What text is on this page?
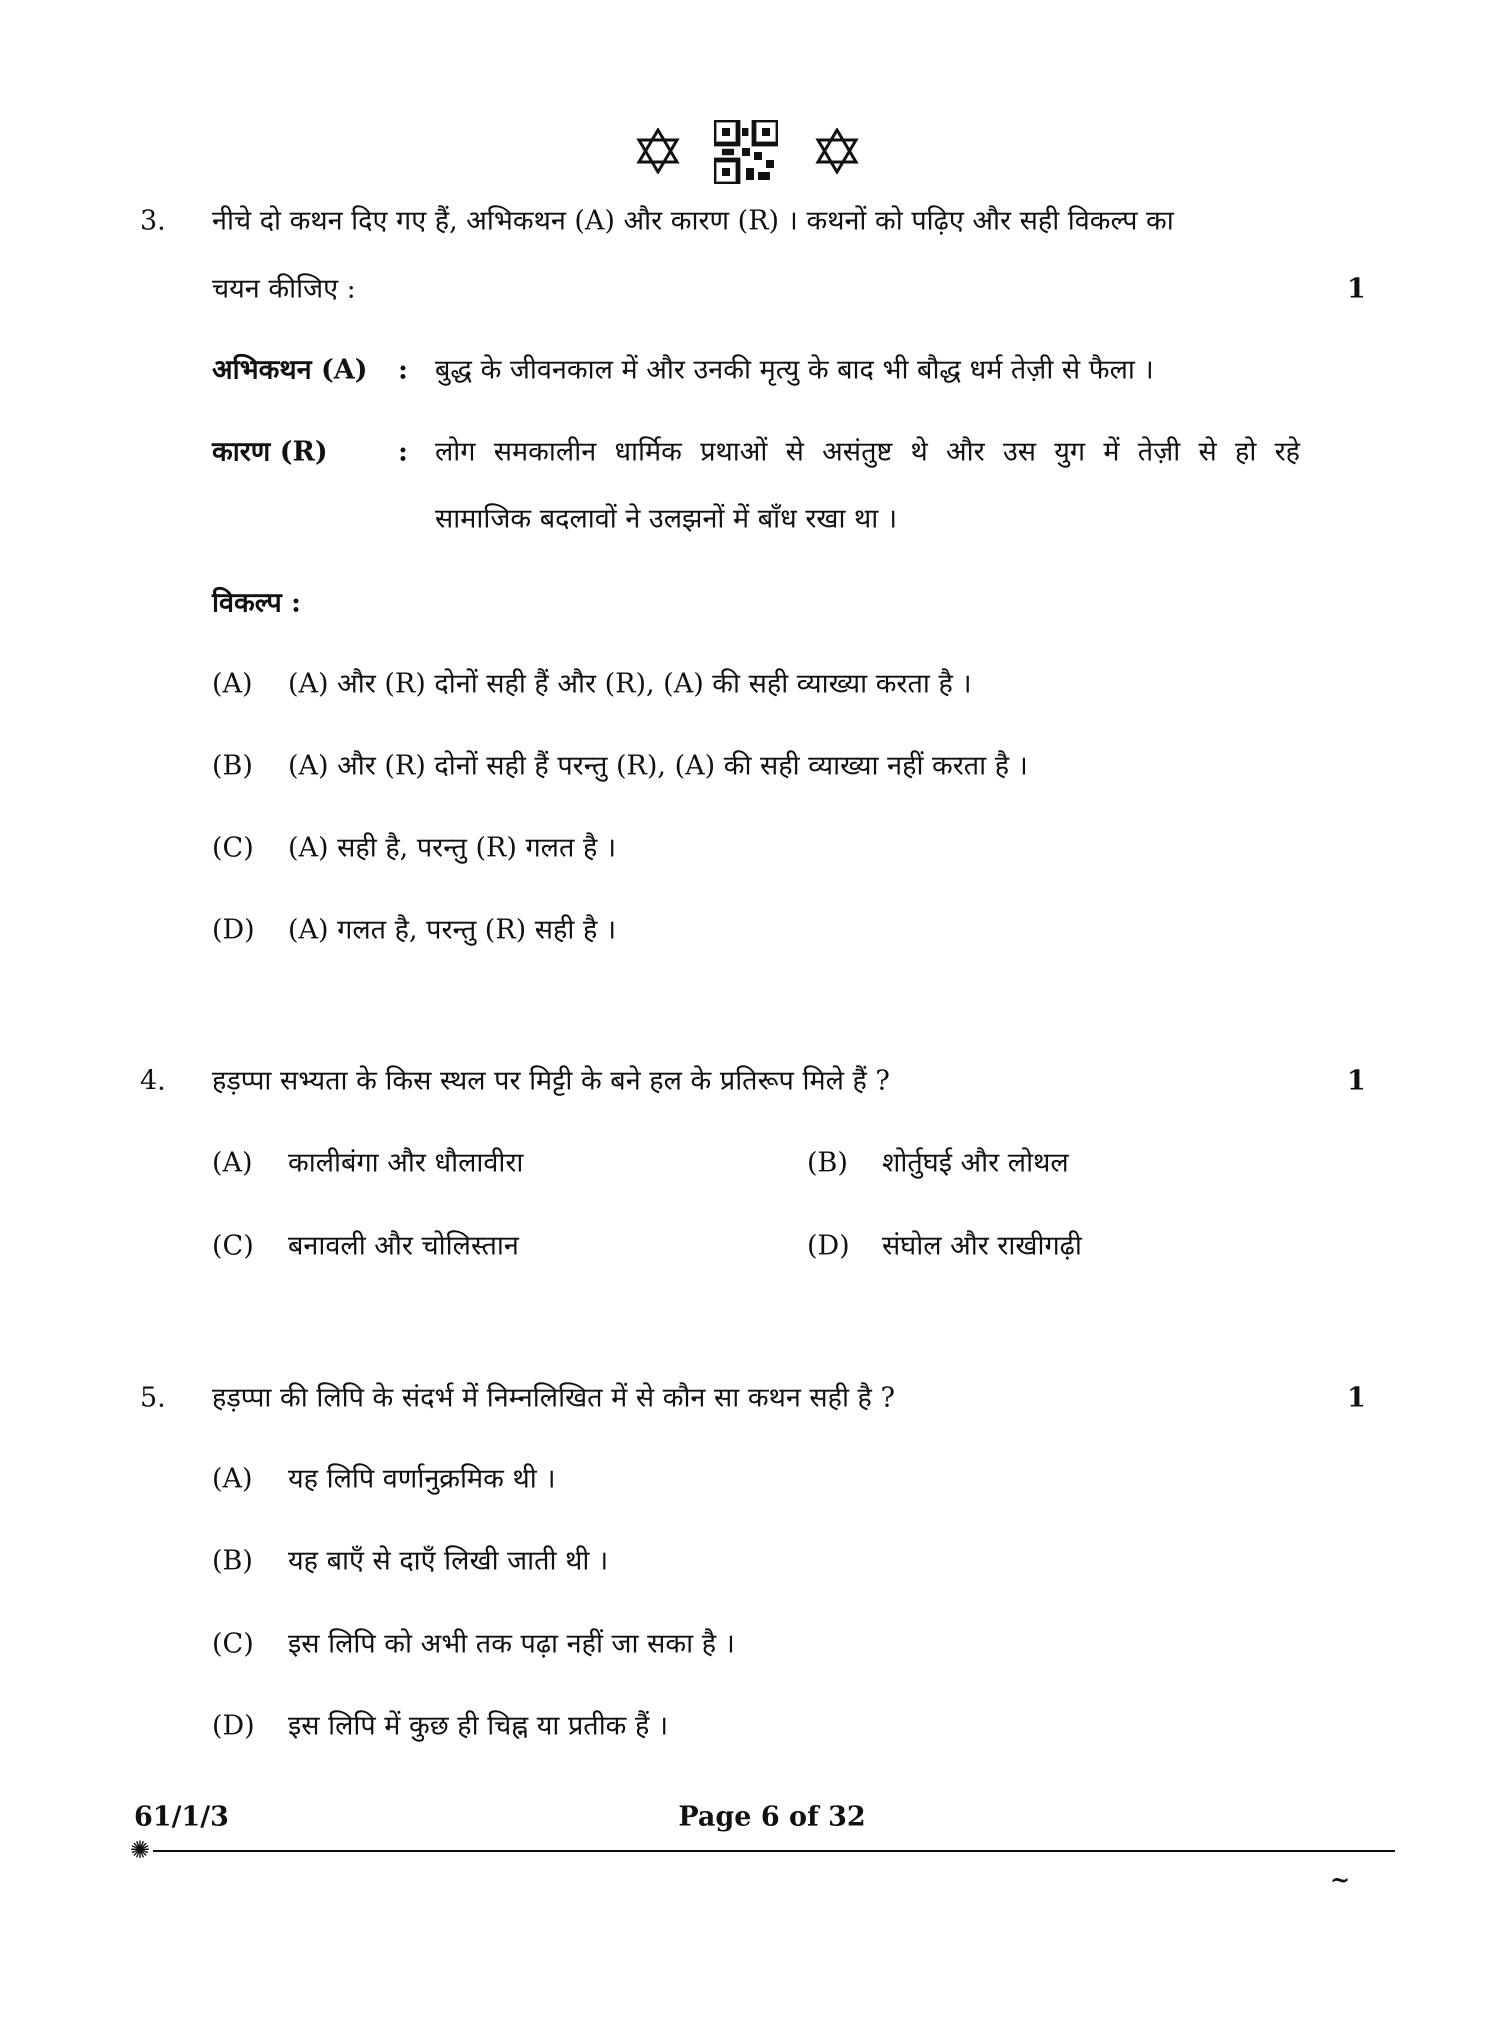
3. नीचे दो कथन दिए गए हैं, अभिकथन (A) और कारण (R) । कथनों को पढ़िए और सही विकल्प का
चयन कीजिए :	1
अभिकथन (A) : बुद्ध के जीवनकाल में और उनकी मृत्यु के बाद भी बौद्ध धर्म तेज़ी से फैला ।
कारण (R)	: लोग समकालीन धार्मिक प्रथाओं से असंतुष्ट थे और उस युग में तेज़ी से हो रहे
सामाजिक बदलावों ने उलझनों में बाँध रखा था ।
विकल्प :
(A) (A) और (R) दोनों सही हैं और (R), (A) की सही व्याख्या करता है ।
(B) (A) और (R) दोनों सही हैं परन्तु (R), (A) की सही व्याख्या नहीं करता है ।
(C) (A) सही है, परन्तु (R) गलत है ।
(D) (A) गलत है, परन्तु (R) सही है ।
4. हड़प्पा सभ्यता के किस स्थल पर मिट्टी के बने हल के प्रतिरूप मिले हैं ?	1
(A) कालीबंगा और धौलावीरा	(B) शोर्तुघई और लोथल
(C) बनावली और चोलिस्तान	(D) संघोल और राखीगढ़ी
5. हड़प्पा की लिपि के संदर्भ में निम्नलिखित में से कौन सा कथन सही है ?	1
(A) यह लिपि वर्णानुक्रमिक थी ।
(B) यह बाएँ से दाएँ लिखी जाती थी ।
(C) इस लिपि को अभी तक पढ़ा नहीं जा सका है ।
(D) इस लिपि में कुछ ही चिह्न या प्रतीक हैं ।
61/1/3	Page 6 of 32
✺
~
